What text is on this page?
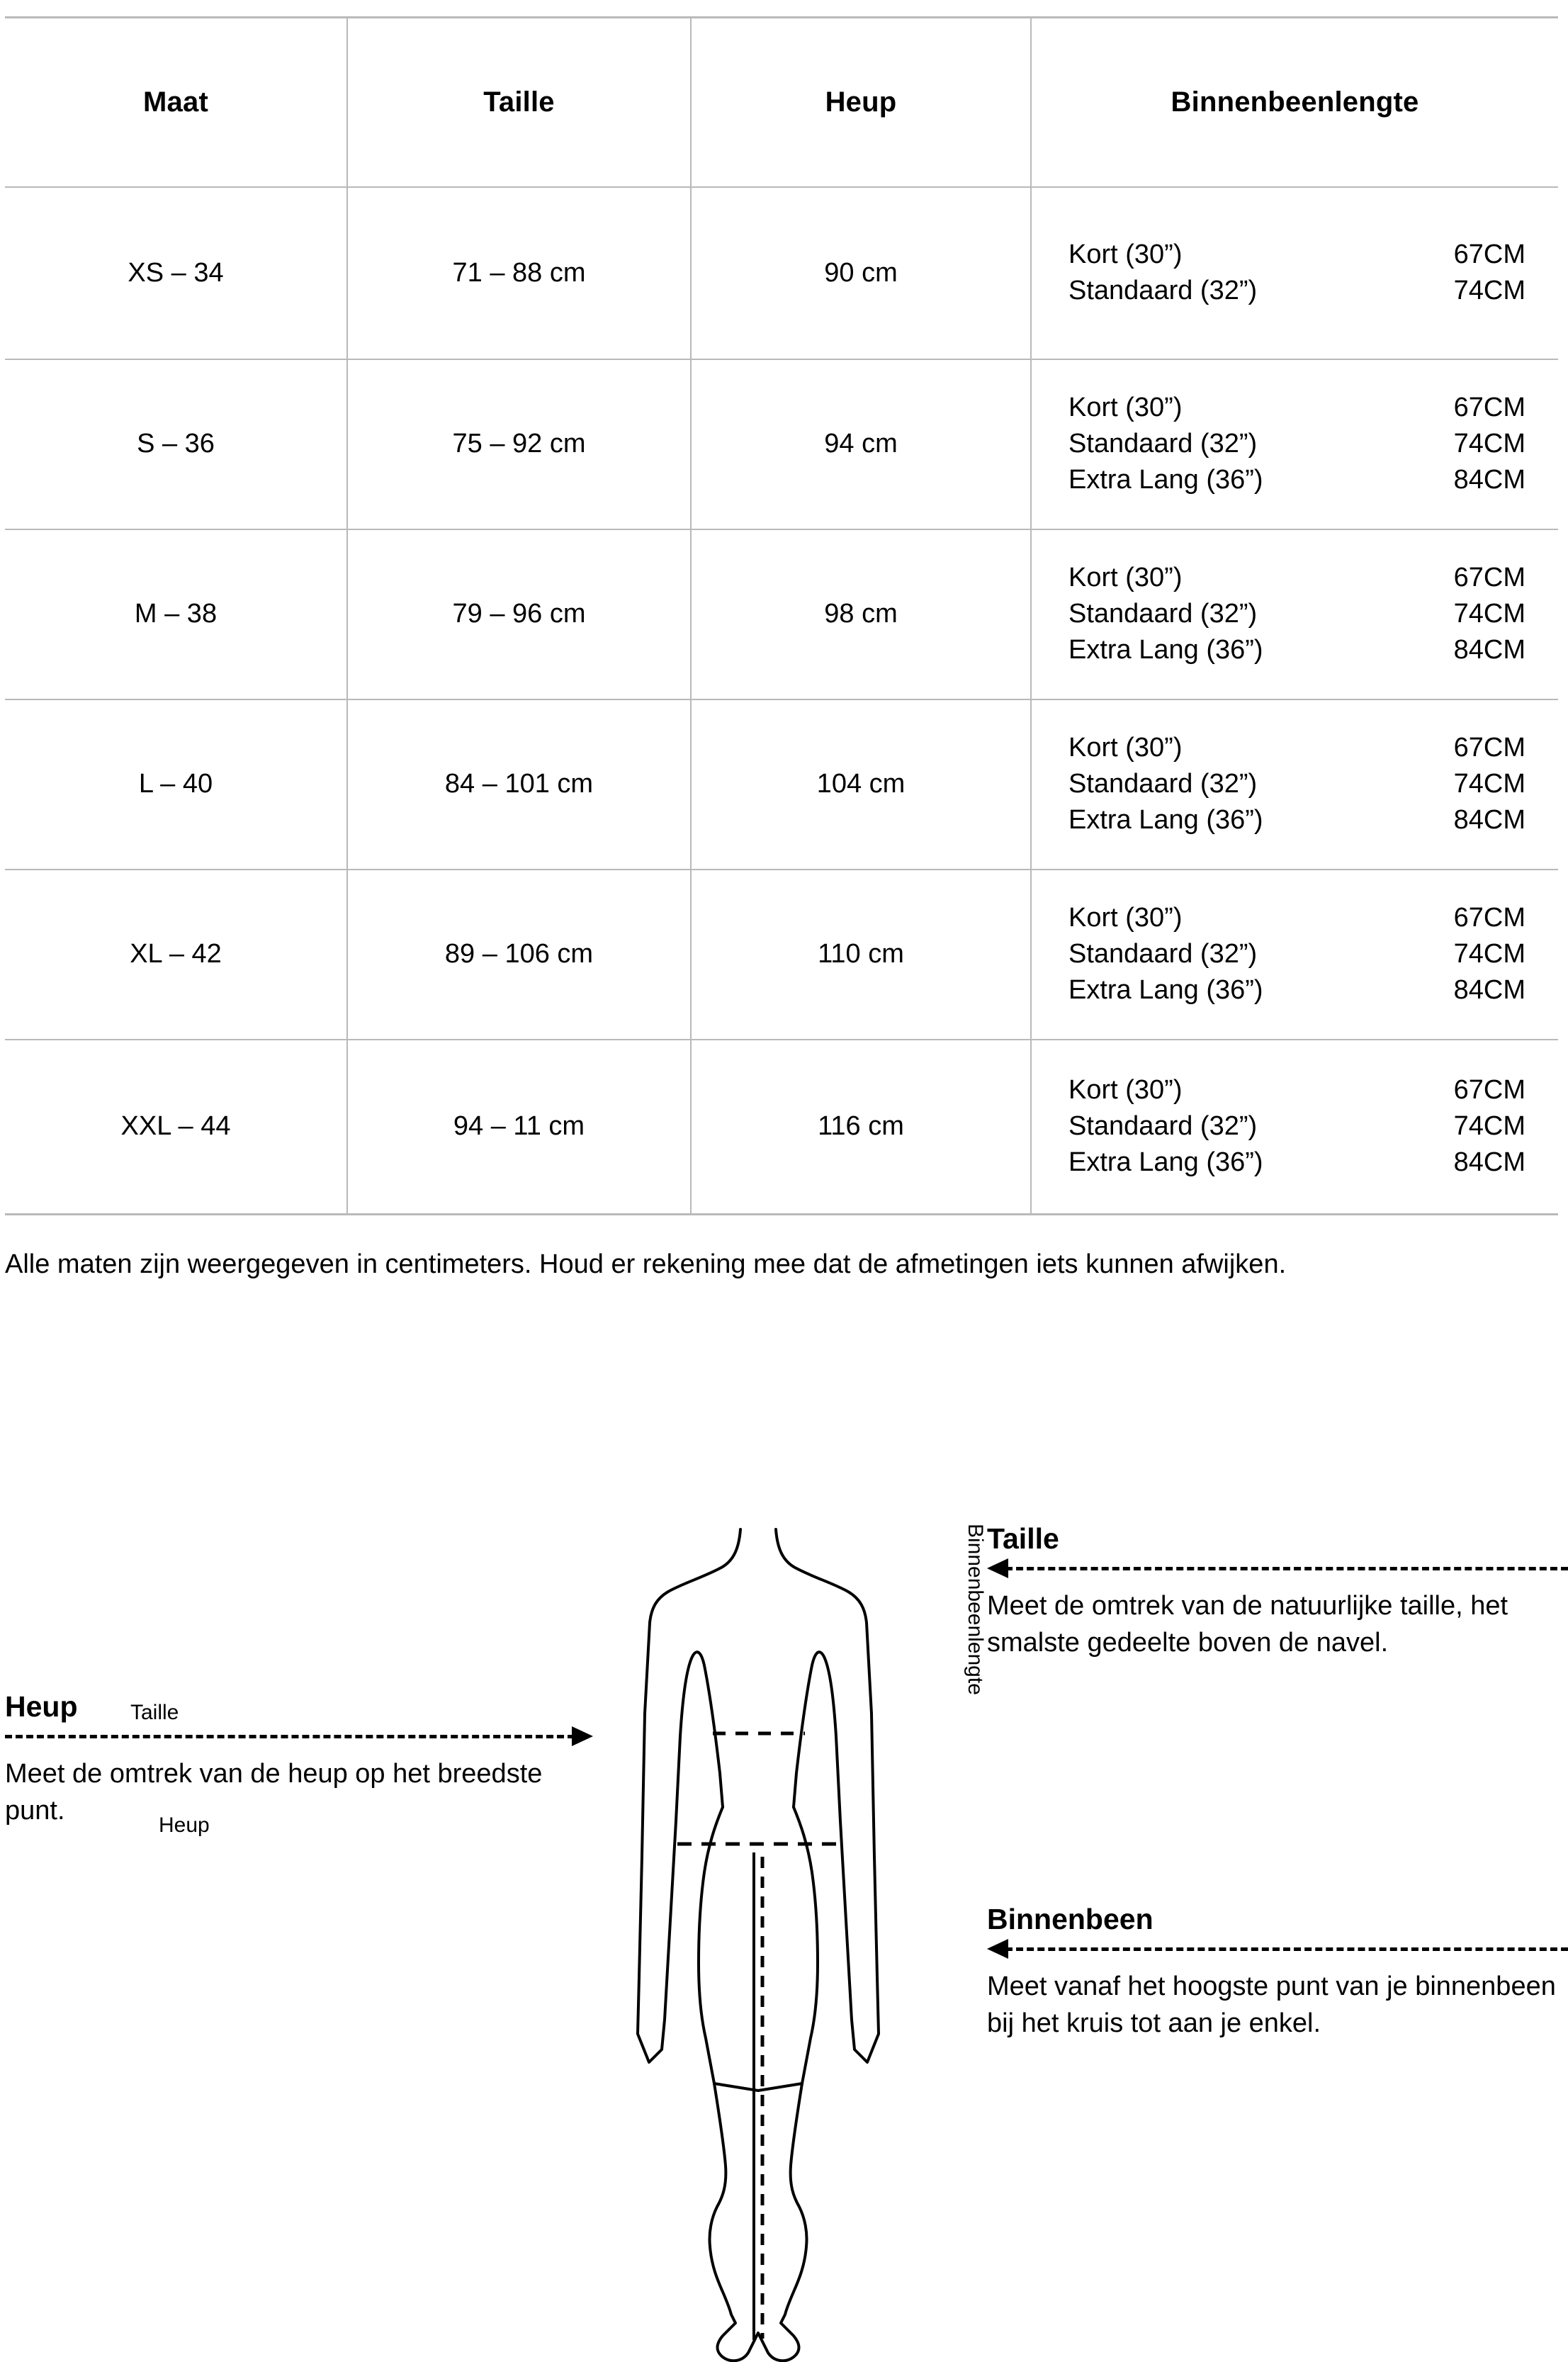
Maat	Taille	Heup	Binnenbeenlengte
XS – 34	71 – 88 cm	90 cm	Kort (30”) 67CM
Standaard (32”) 74CM

S – 36	75 – 92 cm	94 cm	
Kort (30”)	67CM
Standaard (32”)	74CM
Extra Lang (36”)	84CM

M – 38	79 – 96 cm	98 cm	
Kort (30”)	67CM
Standaard (32”)	74CM
Extra Lang (36”)	84CM

L – 40	84 – 101 cm	104 cm	
Kort (30”)	67CM
Standaard (32”)	74CM
Extra Lang (36”)	84CM

XL – 42	89 – 106 cm	110 cm	
Kort (30”)	67CM
Standaard (32”)	74CM
Extra Lang (36”)	84CM

XXL – 44	94 – 11 cm	116 cm	
Kort (30”)	67CM
Standaard (32”)	74CM
Extra Lang (36”)	84CM
Alle maten zijn weergegeven in centimeters. Houd er rekening mee dat de afmetingen iets kunnen afwijken.
Taille
Heup
Binnenbeenlengte
Heup
Meet de omtrek van de heup op het breedste punt.
Taille
Meet de omtrek van de natuurlijke taille, het smalste gedeelte boven de navel.
Binnenbeen
Meet vanaf het hoogste punt van je binnenbeen bij het kruis tot aan je enkel.
